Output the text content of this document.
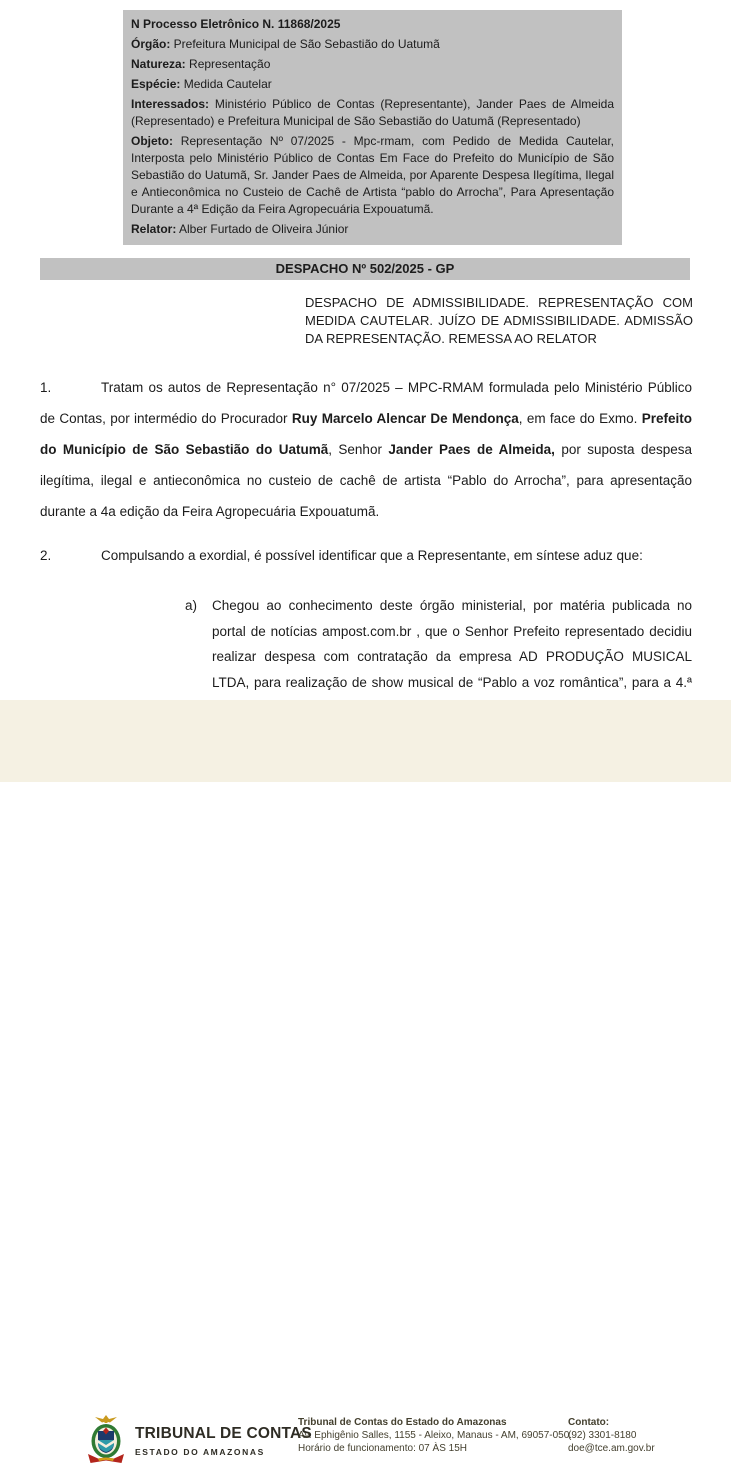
N Processo Eletrônico N. 11868/2025
Órgão: Prefeitura Municipal de São Sebastião do Uatumã
Natureza: Representação
Espécie: Medida Cautelar
Interessados: Ministério Público de Contas (Representante), Jander Paes de Almeida (Representado) e Prefeitura Municipal de São Sebastião do Uatumã (Representado)
Objeto: Representação Nº 07/2025 - Mpc-rmam, com Pedido de Medida Cautelar, Interposta pelo Ministério Público de Contas Em Face do Prefeito do Município de São Sebastião do Uatumã, Sr. Jander Paes de Almeida, por Aparente Despesa Ilegítima, Ilegal e Antieconômica no Custeio de Cachê de Artista “pablo do Arrocha”, Para Apresentação Durante a 4ª Edição da Feira Agropecuária Expouatumã.
Relator: Alber Furtado de Oliveira Júnior
DESPACHO Nº 502/2025 - GP
DESPACHO DE ADMISSIBILIDADE. REPRESENTAÇÃO COM MEDIDA CAUTELAR. JUÍZO DE ADMISSIBILIDADE. ADMISSÃO DA REPRESENTAÇÃO. REMESSA AO RELATOR
1.	Tratam os autos de Representação n° 07/2025 – MPC-RMAM formulada pelo Ministério Público de Contas, por intermédio do Procurador Ruy Marcelo Alencar De Mendonça, em face do Exmo. Prefeito do Município de São Sebastião do Uatumã, Senhor Jander Paes de Almeida, por suposta despesa ilegítima, ilegal e antieconômica no custeio de cachê de artista “Pablo do Arrocha”, para apresentação durante a 4a edição da Feira Agropecuária Expouatumã.
2.	Compulsando a exordial, é possível identificar que a Representante, em síntese aduz que:
a)	Chegou ao conhecimento deste órgão ministerial, por matéria publicada no portal de notícias ampost.com.br , que o Senhor Prefeito representado decidiu realizar despesa com contratação da empresa AD PRODUÇÃO MUSICAL LTDA, para realização de show musical de “Pablo a voz romântica”, para a 4.ª
TRIBUNAL DE CONTAS
ESTADO DO AMAZONAS
Tribunal de Contas do Estado do Amazonas
Av. Ephigênio Salles, 1155 - Aleixo, Manaus - AM, 69057-050.
Horário de funcionamento: 07 ÀS 15H
Contato:
(92) 3301-8180
doe@tce.am.gov.br
